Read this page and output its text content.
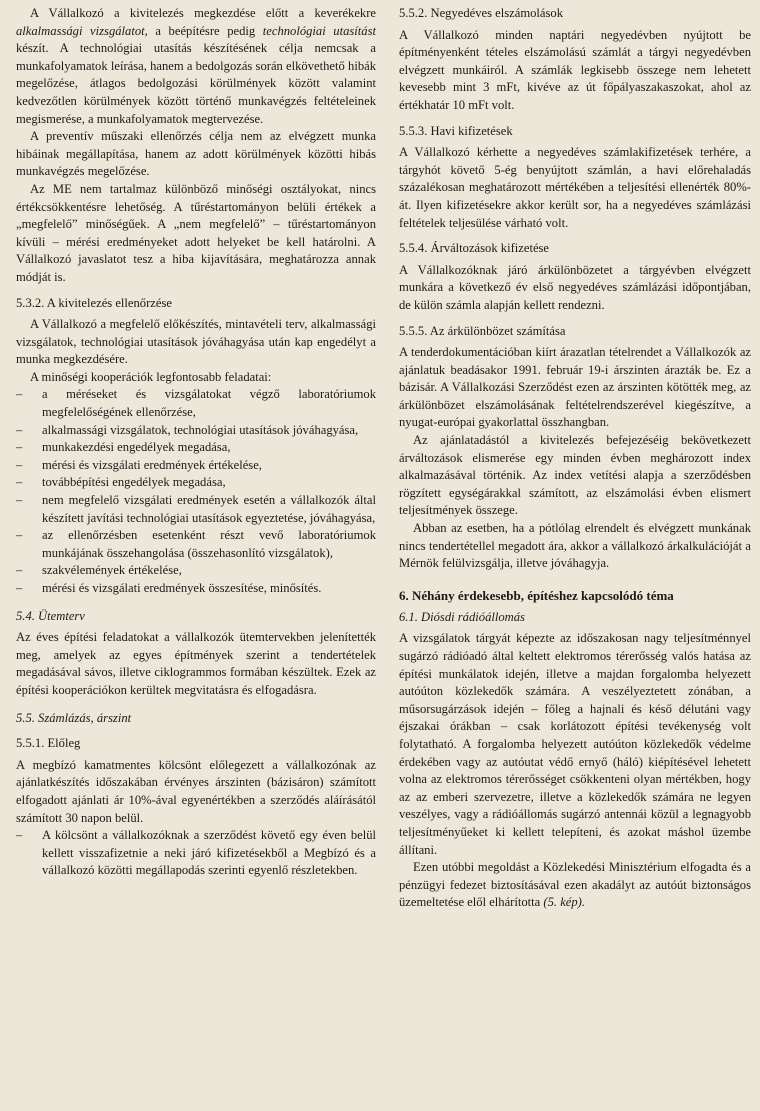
A Vállalkozó a kivitelezés megkezdése előtt a keverékekre alkalmassági vizsgálatot, a beépítésre pedig technológiai utasítást készít. A technológiai utasítás készítésének célja nemcsak a munkafolyamatok leírása, hanem a bedolgozás során elkövethető hibák megelőzése, átlagos bedolgozási körülmények között valamint kedvezőtlen körülmények között történő munkavégzés feltételeinek megismerése, a munkafolyamatok megtervezése.

A preventív műszaki ellenőrzés célja nem az elvégzett munka hibáinak megállapítása, hanem az adott körülmények közötti hibás munkavégzés megelőzése.

Az ME nem tartalmaz különböző minőségi osztályokat, nincs értékcsökkentésre lehetőség. A tűréstartományon belüli értékek a „megfelelő” minőségűek. A „nem megfelelő” – tűréstartományon kívüli – mérési eredményeket adott helyeket be kell határolni. A Vállalkozó javaslatot tesz a hiba kijavítására, meghatározza annak módját is.

5.3.2. A kivitelezés ellenőrzése

A Vállalkozó a megfelelő előkészítés, mintavételi terv, alkalmassági vizsgálatok, technológiai utasítások jóváhagyása után kap engedélyt a munka megkezdésére.

A minőségi kooperációk legfontosabb feladatai:

– a méréseket és vizsgálatokat végző laboratóriumok megfelelőségének ellenőrzése,
– alkalmassági vizsgálatok, technológiai utasítások jóváhagyása,
– munkakezdési engedélyek megadása,
– mérési és vizsgálati eredmények értékelése,
– továbbépítési engedélyek megadása,
– nem megfelelő vizsgálati eredmények esetén a vállalkozók által készített javítási technológiai utasítások egyeztetése, jóváhagyása,
– az ellenőrzésben esetenként részt vevő laboratóriumok munkájának összehangolása (összehasonlító vizsgálatok),
– szakvélemények értékelése,
– mérési és vizsgálati eredmények összesítése, minősítés.
5.4. Ütemterv

Az éves építési feladatokat a vállalkozók ütemtervekben jelenítették meg, amelyek az egyes építmények szerint a tendertételek megadásával sávos, illetve ciklogrammos formában készültek. Ezek az építési kooperációkon kerültek megvitatásra és elfogadásra.

5.5. Számlázás, árszint
5.5.1. Előleg

A megbízó kamatmentes kölcsönt előlegezett a vállalkozónak az ajánlatkészítés időszakában érvényes árszinten (bázisáron) számított elfogadott ajánlati ár 10%-ával egyenértékben a szerződés aláírásától számított 30 napon belül.

– A kölcsönt a vállalkozóknak a szerződést követő egy éven belül kellett visszafizetnie a neki járó kifizetésekből a Megbízó és a vállalkozó közötti megállapodás szerinti egyenlő részletekben.
5.5.2. Negyedéves elszámolások

A Vállalkozó minden naptári negyedévben nyújtott be építményenként tételes elszámolású számlát a tárgyi negyedévben elvégzett munkáiról. A számlák legkisebb összege nem lehetett kevesebb mint 3 mFt, kivéve az út főpályaszakaszokat, ahol az értékhatár 10 mFt volt.

5.5.3. Havi kifizetések

A Vállalkozó kérhette a negyedéves számlakifizetések terhére, a tárgyhót követő 5-ég benyújtott számlán, a havi előrehaladás százalékosan meghatározott mértékében a teljesítési ellenérték 80%-át. Ilyen kifizetésekre akkor került sor, ha a negyedéves számlázási feltételek teljesülése várható volt.

5.5.4. Árváltozások kifizetése

A Vállalkozóknak járó árkülönbözetet a tárgyévben elvégzett munkára a következő év első negyedéves számlázási időpontjában, de külön számla alapján kellett rendezni.

5.5.5. Az árkülönbözet számítása

A tenderdokumentációban kiírt árazatlan tételrendet a Vállalkozók az ajánlatuk beadásakor 1991. február 19-i árszinten árazták be. Ez a bázisár. A Vállalkozási Szerződést ezen az árszinten kötötték meg, az árkülönbözet elszámolásának feltételrendszerével kiegészítve, a nyugat-európai gyakorlattal összhangban.

Az ajánlatadástól a kivitelezés befejezéséig bekövetkezett árváltozások elismerése egy minden évben meghározott index alkalmazásával történik. Az index vetítési alapja a szerződésben rögzített egységárakkal számított, az elszámolási évben elismert teljesítmények összege.

Abban az esetben, ha a pótlólag elrendelt és elvégzett munkának nincs tendertétellel megadott ára, akkor a vállalkozó árkalkulációját a Mérnök felülvizsgálja, illetve jóváhagyja.

6. Néhány érdekesebb, építéshez kapcsolódó téma
6.1. Diósdi rádióállomás

A vizsgálatok tárgyát képezte az időszakosan nagy teljesítménnyel sugárzó rádióadó által keltett elektromos térerősség valós hatása az építési munkálatok idején, illetve a majdan forgalomba helyezett autóúton közlekedők számára. A veszélyeztetett zónában, a műsorsugárzások idején – főleg a hajnali és késő délutáni vagy éjszakai órákban – csak korlátozott építési tevékenység volt folytatható. A forgalomba helyezett autóúton közlekedők védelme érdekében vagy az autóutat védő ernyő (háló) kiépítésével lehetett volna az elektromos térerősséget csökkenteni olyan mértékben, hogy az az emberi szervezetre, illetve a közlekedők számára ne legyen veszélyes, vagy a rádióállomás sugárzó antennái közül a legnagyobb teljesítményűeket ki kellett telepíteni, és azokat máshol üzembe állítani.

Ezen utóbbi megoldást a Közlekedési Minisztérium elfogadta és a pénzügyi fedezet biztosításával ezen akadályt az autóút biztonságos üzemeltetése elől elhárította (5. kép).
